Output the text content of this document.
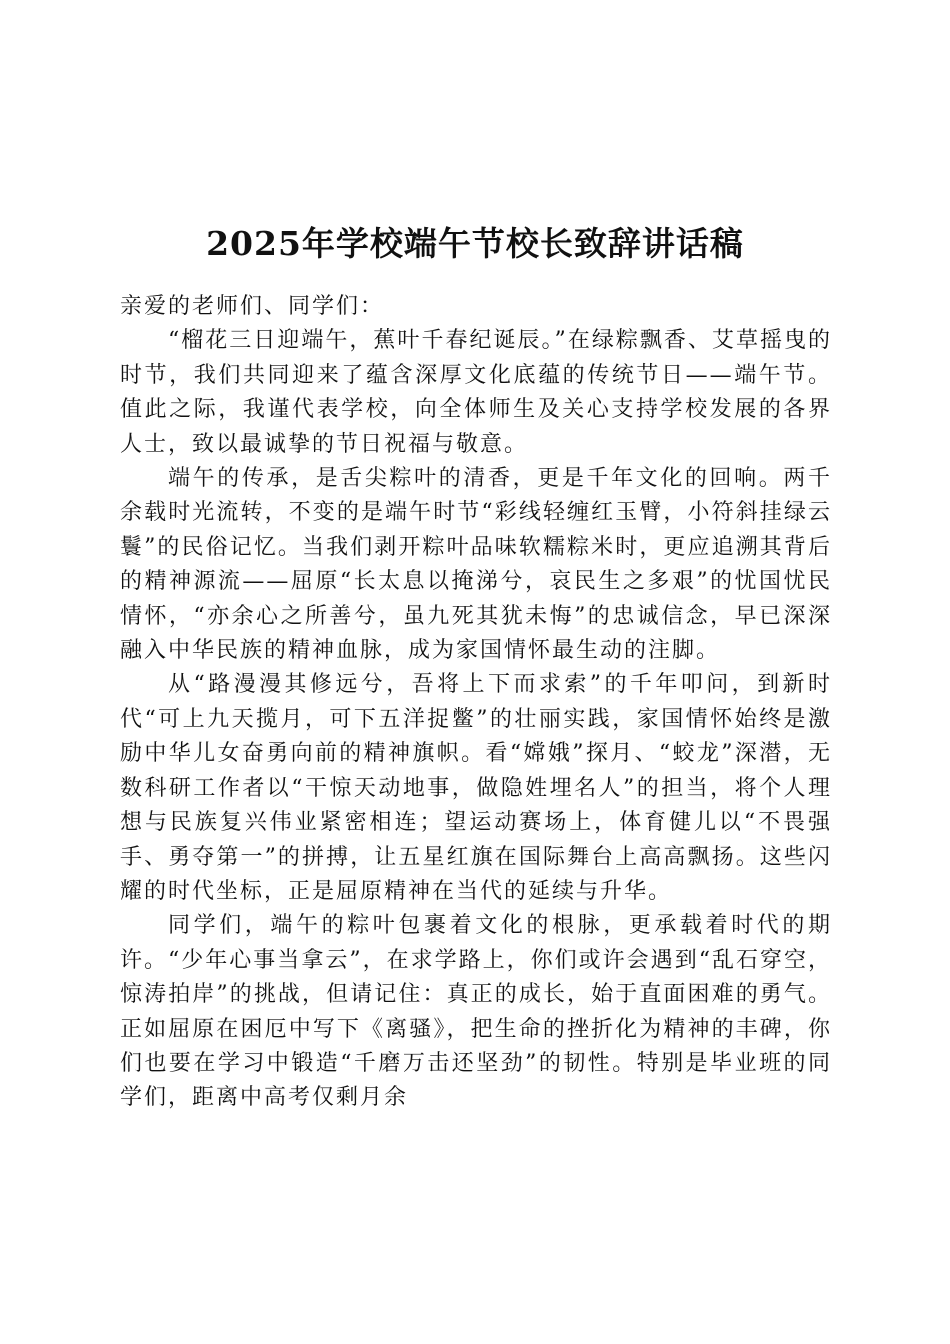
2025年学校端午节校长致辞讲话稿

亲爱的老师们、同学们：

“榴花三日迎端午，蕉叶千春纪诞辰。”在绿粽飘香、艾草摇曳的时节，我们共同迎来了蕴含深厚文化底蕴的传统节日——端午节。值此之际，我谨代表学校，向全体师生及关心支持学校发展的各界人士，致以最诚挚的节日祝福与敬意。

端午的传承，是舌尖粽叶的清香，更是千年文化的回响。两千余载时光流转，不变的是端午时节“彩线轻缠红玉臂，小符斜挂绿云鬟”的民俗记忆。当我们剥开粽叶品味软糯粽米时，更应追溯其背后的精神源流——屈原“长太息以掩涕兮，哀民生之多艰”的忧国忧民情怀，“亦余心之所善兮，虽九死其犹未悔”的忠诚信念，早已深深融入中华民族的精神血脉，成为家国情怀最生动的注脚。

从“路漫漫其修远兮，吾将上下而求索”的千年叩问，到新时代“可上九天揽月，可下五洋捉鳖”的壮丽实践，家国情怀始终是激励中华儿女奋勇向前的精神旗帜。看“嫦娥”探月、“蛟龙”深潜，无数科研工作者以“干惊天动地事，做隐姓埋名人”的担当，将个人理想与民族复兴伟业紧密相连；望运动赛场上，体育健儿以“不畏强手、勇夺第一”的拼搏，让五星红旗在国际舞台上高高飘扬。这些闪耀的时代坐标，正是屈原精神在当代的延续与升华。

同学们，端午的粽叶包裹着文化的根脉，更承载着时代的期许。“少年心事当拿云”，在求学路上，你们或许会遇到“乱石穿空，惊涛拍岸”的挑战，但请记住：真正的成长，始于直面困难的勇气。正如屈原在困厄中写下《离骚》，把生命的挫折化为精神的丰碑，你们也要在学习中锻造“千磨万击还坚劲”的韧性。特别是毕业班的同学们，距离中高考仅剩月余
